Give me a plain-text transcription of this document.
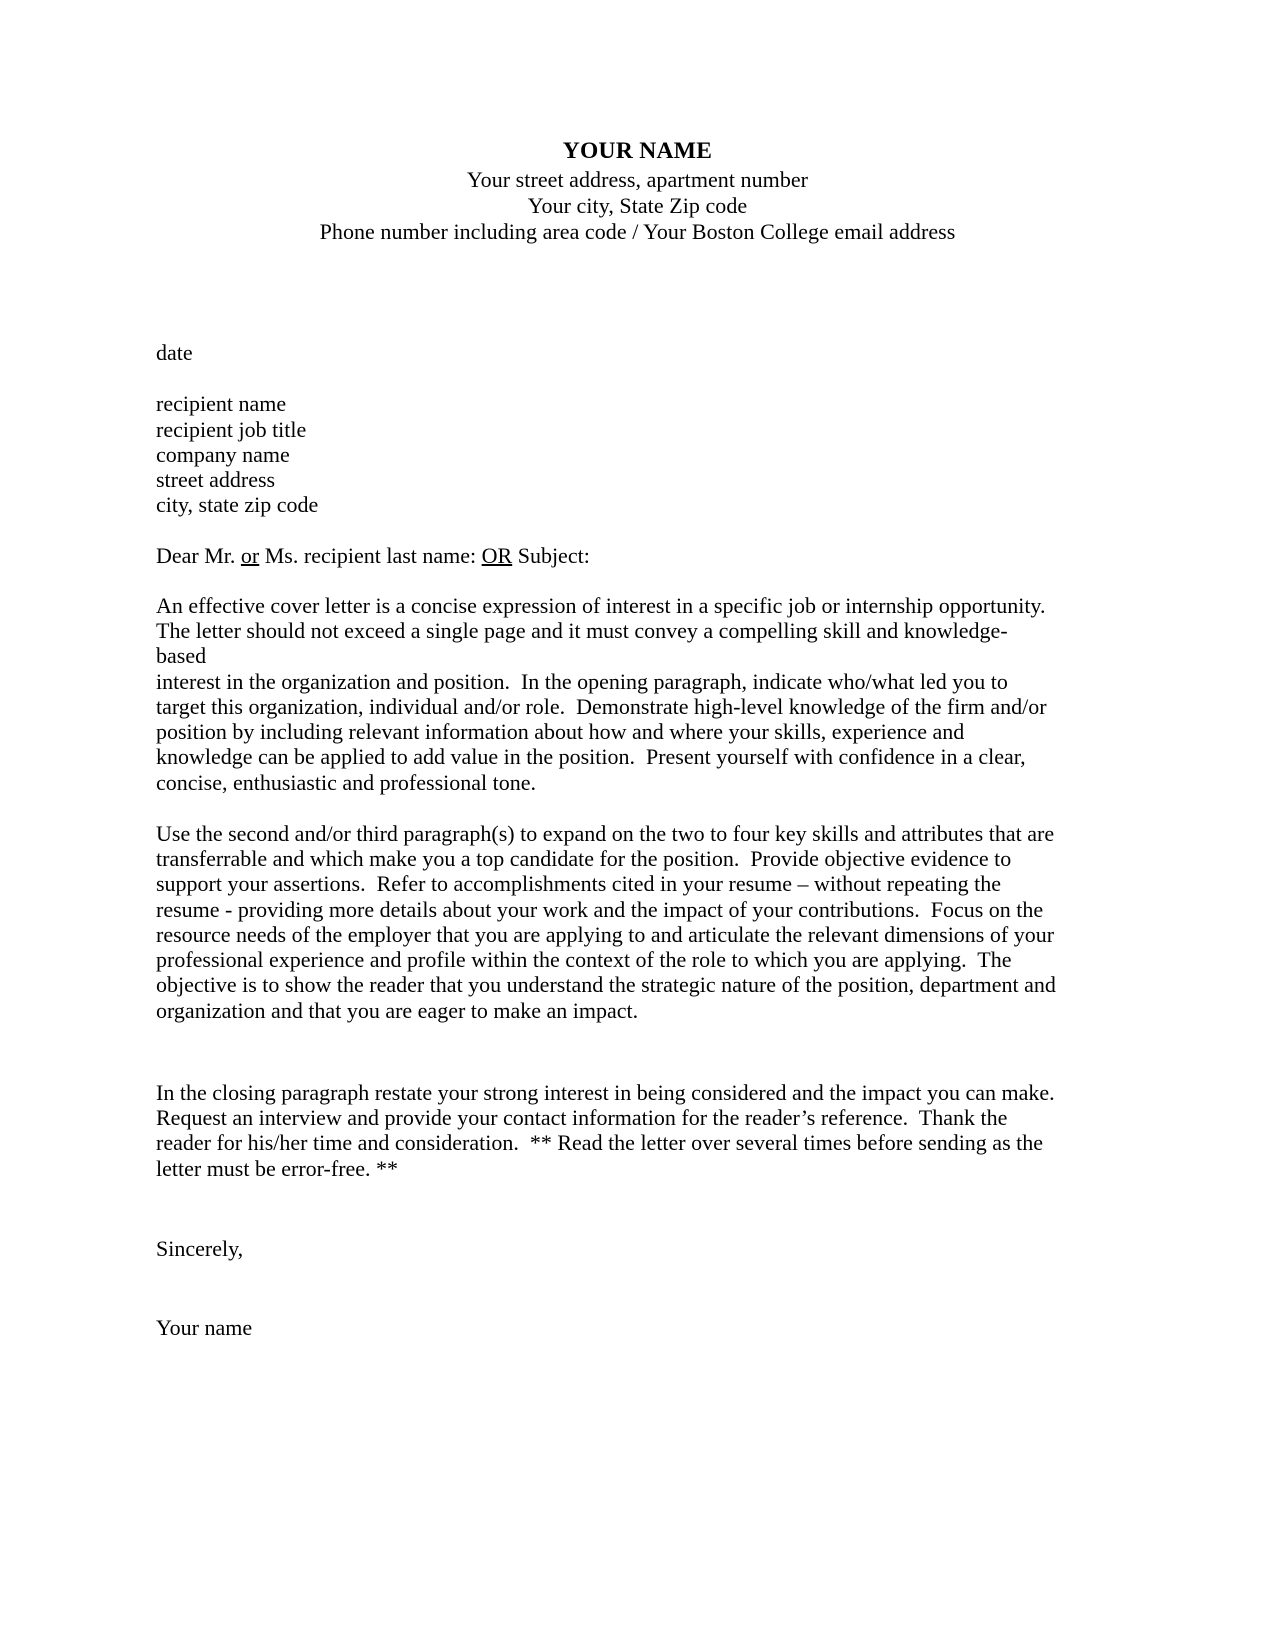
YOUR NAME
Your street address, apartment number
Your city, State Zip code
Phone number including area code / Your Boston College email address
date
recipient name
recipient job title
company name
street address
city, state zip code
Dear Mr. or Ms. recipient last name: OR Subject:
An effective cover letter is a concise expression of interest in a specific job or internship opportunity.
The letter should not exceed a single page and it must convey a compelling skill and knowledge-based
interest in the organization and position.  In the opening paragraph, indicate who/what led you to
target this organization, individual and/or role.  Demonstrate high-level knowledge of the firm and/or
position by including relevant information about how and where your skills, experience and
knowledge can be applied to add value in the position.  Present yourself with confidence in a clear,
concise, enthusiastic and professional tone.
Use the second and/or third paragraph(s) to expand on the two to four key skills and attributes that are
transferrable and which make you a top candidate for the position.  Provide objective evidence to
support your assertions.  Refer to accomplishments cited in your resume – without repeating the
resume - providing more details about your work and the impact of your contributions.  Focus on the
resource needs of the employer that you are applying to and articulate the relevant dimensions of your
professional experience and profile within the context of the role to which you are applying.  The
objective is to show the reader that you understand the strategic nature of the position, department and
organization and that you are eager to make an impact.
In the closing paragraph restate your strong interest in being considered and the impact you can make.
Request an interview and provide your contact information for the reader’s reference.  Thank the
reader for his/her time and consideration.  ** Read the letter over several times before sending as the
letter must be error-free. **
Sincerely,
Your name
